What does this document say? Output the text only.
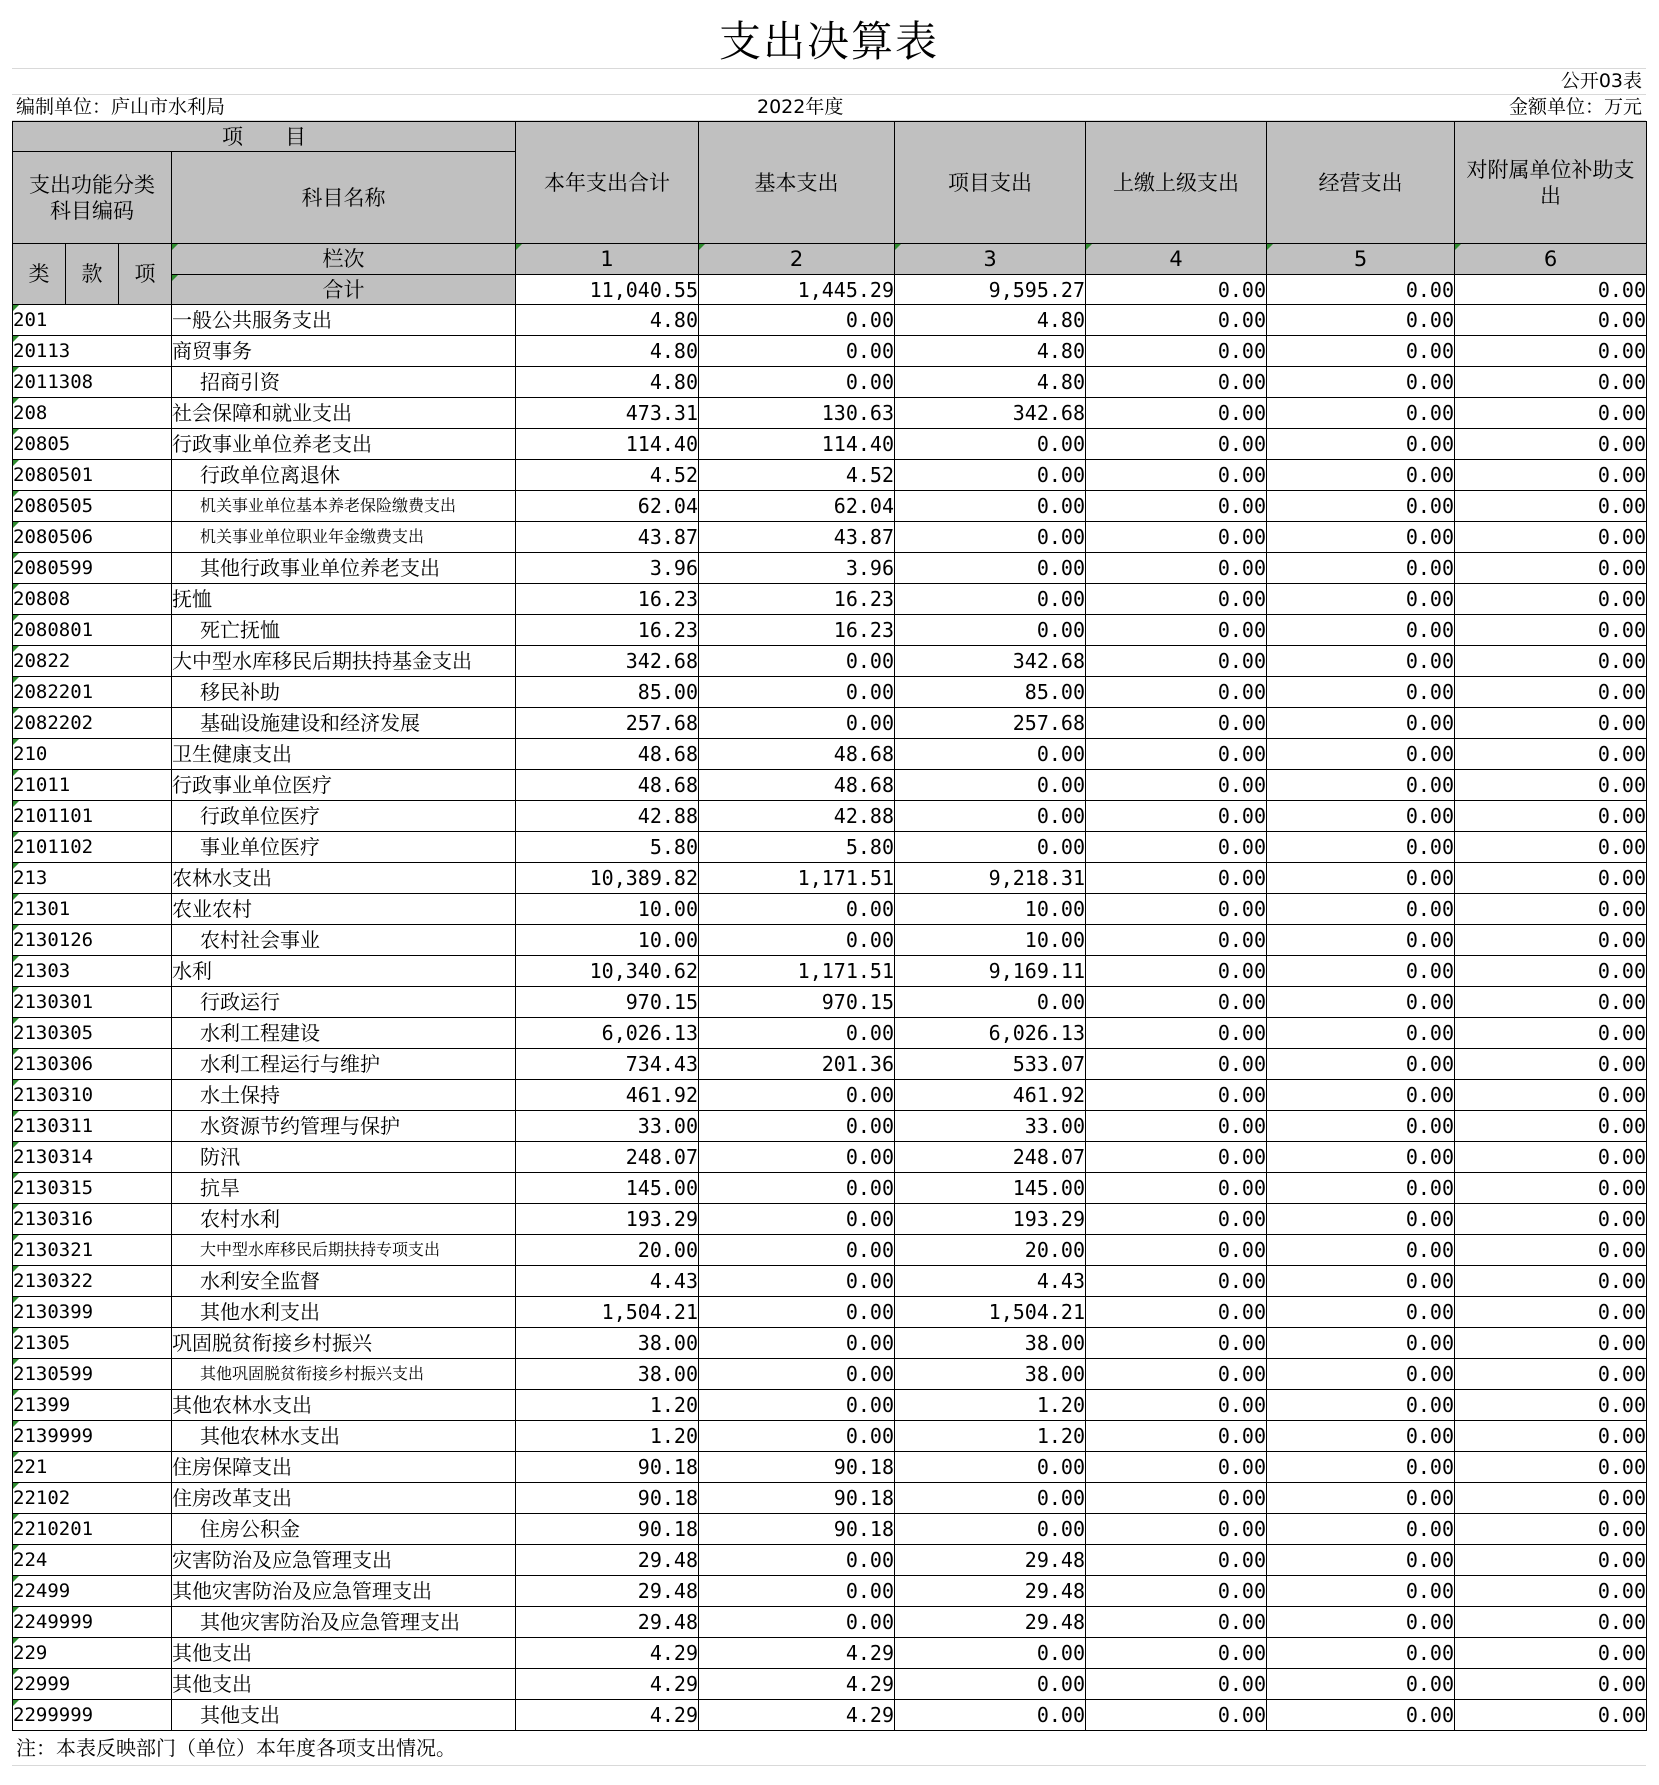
支出决算表
公开03表
编制单位：庐山市水利局	2022年度	金额单位：万元
项　　目				本年支出合计	基本支出	项目支出	上缴上级支出	经营支出	对附属单位补助支出
支出功能分类科目编码			科目名称						
类	款	项	栏次	1	2	3	4	5	6
			合计	11,040.55	1,445.29	9,595.27	0.00	0.00	0.00
201			一般公共服务支出	4.80	0.00	4.80	0.00	0.00	0.00
20113			商贸事务	4.80	0.00	4.80	0.00	0.00	0.00
2011308			招商引资	4.80	0.00	4.80	0.00	0.00	0.00
208			社会保障和就业支出	473.31	130.63	342.68	0.00	0.00	0.00
20805			行政事业单位养老支出	114.40	114.40	0.00	0.00	0.00	0.00
2080501			行政单位离退休	4.52	4.52	0.00	0.00	0.00	0.00
2080505			机关事业单位基本养老保险缴费支出	62.04	62.04	0.00	0.00	0.00	0.00
2080506			机关事业单位职业年金缴费支出	43.87	43.87	0.00	0.00	0.00	0.00
2080599			其他行政事业单位养老支出	3.96	3.96	0.00	0.00	0.00	0.00
20808			抚恤	16.23	16.23	0.00	0.00	0.00	0.00
2080801			死亡抚恤	16.23	16.23	0.00	0.00	0.00	0.00
20822			大中型水库移民后期扶持基金支出	342.68	0.00	342.68	0.00	0.00	0.00
2082201			移民补助	85.00	0.00	85.00	0.00	0.00	0.00
2082202			基础设施建设和经济发展	257.68	0.00	257.68	0.00	0.00	0.00
210			卫生健康支出	48.68	48.68	0.00	0.00	0.00	0.00
21011			行政事业单位医疗	48.68	48.68	0.00	0.00	0.00	0.00
2101101			行政单位医疗	42.88	42.88	0.00	0.00	0.00	0.00
2101102			事业单位医疗	5.80	5.80	0.00	0.00	0.00	0.00
213			农林水支出	10,389.82	1,171.51	9,218.31	0.00	0.00	0.00
21301			农业农村	10.00	0.00	10.00	0.00	0.00	0.00
2130126			农村社会事业	10.00	0.00	10.00	0.00	0.00	0.00
21303			水利	10,340.62	1,171.51	9,169.11	0.00	0.00	0.00
2130301			行政运行	970.15	970.15	0.00	0.00	0.00	0.00
2130305			水利工程建设	6,026.13	0.00	6,026.13	0.00	0.00	0.00
2130306			水利工程运行与维护	734.43	201.36	533.07	0.00	0.00	0.00
2130310			水土保持	461.92	0.00	461.92	0.00	0.00	0.00
2130311			水资源节约管理与保护	33.00	0.00	33.00	0.00	0.00	0.00
2130314			防汛	248.07	0.00	248.07	0.00	0.00	0.00
2130315			抗旱	145.00	0.00	145.00	0.00	0.00	0.00
2130316			农村水利	193.29	0.00	193.29	0.00	0.00	0.00
2130321			大中型水库移民后期扶持专项支出	20.00	0.00	20.00	0.00	0.00	0.00
2130322			水利安全监督	4.43	0.00	4.43	0.00	0.00	0.00
2130399			其他水利支出	1,504.21	0.00	1,504.21	0.00	0.00	0.00
21305			巩固脱贫衔接乡村振兴	38.00	0.00	38.00	0.00	0.00	0.00
2130599			其他巩固脱贫衔接乡村振兴支出	38.00	0.00	38.00	0.00	0.00	0.00
21399			其他农林水支出	1.20	0.00	1.20	0.00	0.00	0.00
2139999			其他农林水支出	1.20	0.00	1.20	0.00	0.00	0.00
221			住房保障支出	90.18	90.18	0.00	0.00	0.00	0.00
22102			住房改革支出	90.18	90.18	0.00	0.00	0.00	0.00
2210201			住房公积金	90.18	90.18	0.00	0.00	0.00	0.00
224			灾害防治及应急管理支出	29.48	0.00	29.48	0.00	0.00	0.00
22499			其他灾害防治及应急管理支出	29.48	0.00	29.48	0.00	0.00	0.00
2249999			其他灾害防治及应急管理支出	29.48	0.00	29.48	0.00	0.00	0.00
229			其他支出	4.29	4.29	0.00	0.00	0.00	0.00
22999			其他支出	4.29	4.29	0.00	0.00	0.00	0.00
2299999			其他支出	4.29	4.29	0.00	0.00	0.00	0.00
注：本表反映部门（单位）本年度各项支出情况。
